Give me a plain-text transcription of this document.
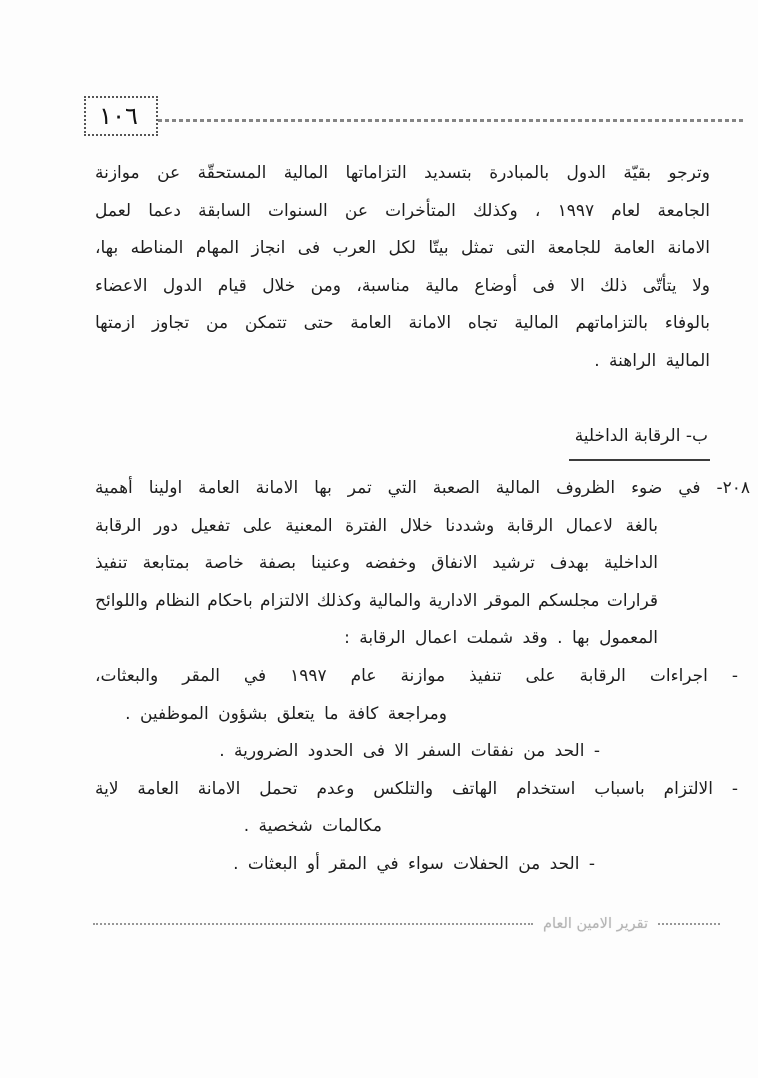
١٠٦
وترجو بقيّة الدول بالمبادرة بتسديد التزاماتها المالية المستحقّة عن موازنة
الجامعة لعام ١٩٩٧ ، وكذلك المتأخرات عن السنوات السابقة دعما لعمل
الامانة العامة للجامعة التى تمثل بيتّا لكل العرب فى انجاز المهام المناطه بها،
ولا يتأتّى ذلك الا فى أوضاع مالية مناسبة، ومن خلال قيام الدول الاعضاء
بالوفاء بالتزاماتهم المالية تجاه الامانة العامة حتى تتمكن من تجاوز ازمتها
المالية الراهنة .
ب- الرقابة الداخلية
٢٠٨- في ضوء الظروف المالية الصعبة التي تمر بها الامانة العامة اولينا أهمية
بالغة لاعمال الرقابة وشددنا خلال الفترة المعنية على تفعيل دور الرقابة
الداخلية بهدف ترشيد الانفاق وخفضه وعنينا بصفة خاصة بمتابعة تنفيذ
قرارات مجلسكم الموقر الادارية والمالية وكذلك الالتزام باحكام النظام واللوائح
المعمول بها . وقد شملت اعمال الرقابة :
- اجراءات الرقابة على تنفيذ موازنة عام ١٩٩٧ في المقر والبعثات،
ومراجعة كافة ما يتعلق بشؤون الموظفين .
- الحد من نفقات السفر الا فى الحدود الضرورية .
- الالتزام باسباب استخدام الهاتف والتلكس وعدم تحمل الامانة العامة لاية
مكالمات شخصية .
- الحد من الحفلات سواء في المقر أو البعثات .
تقرير الامين العام
